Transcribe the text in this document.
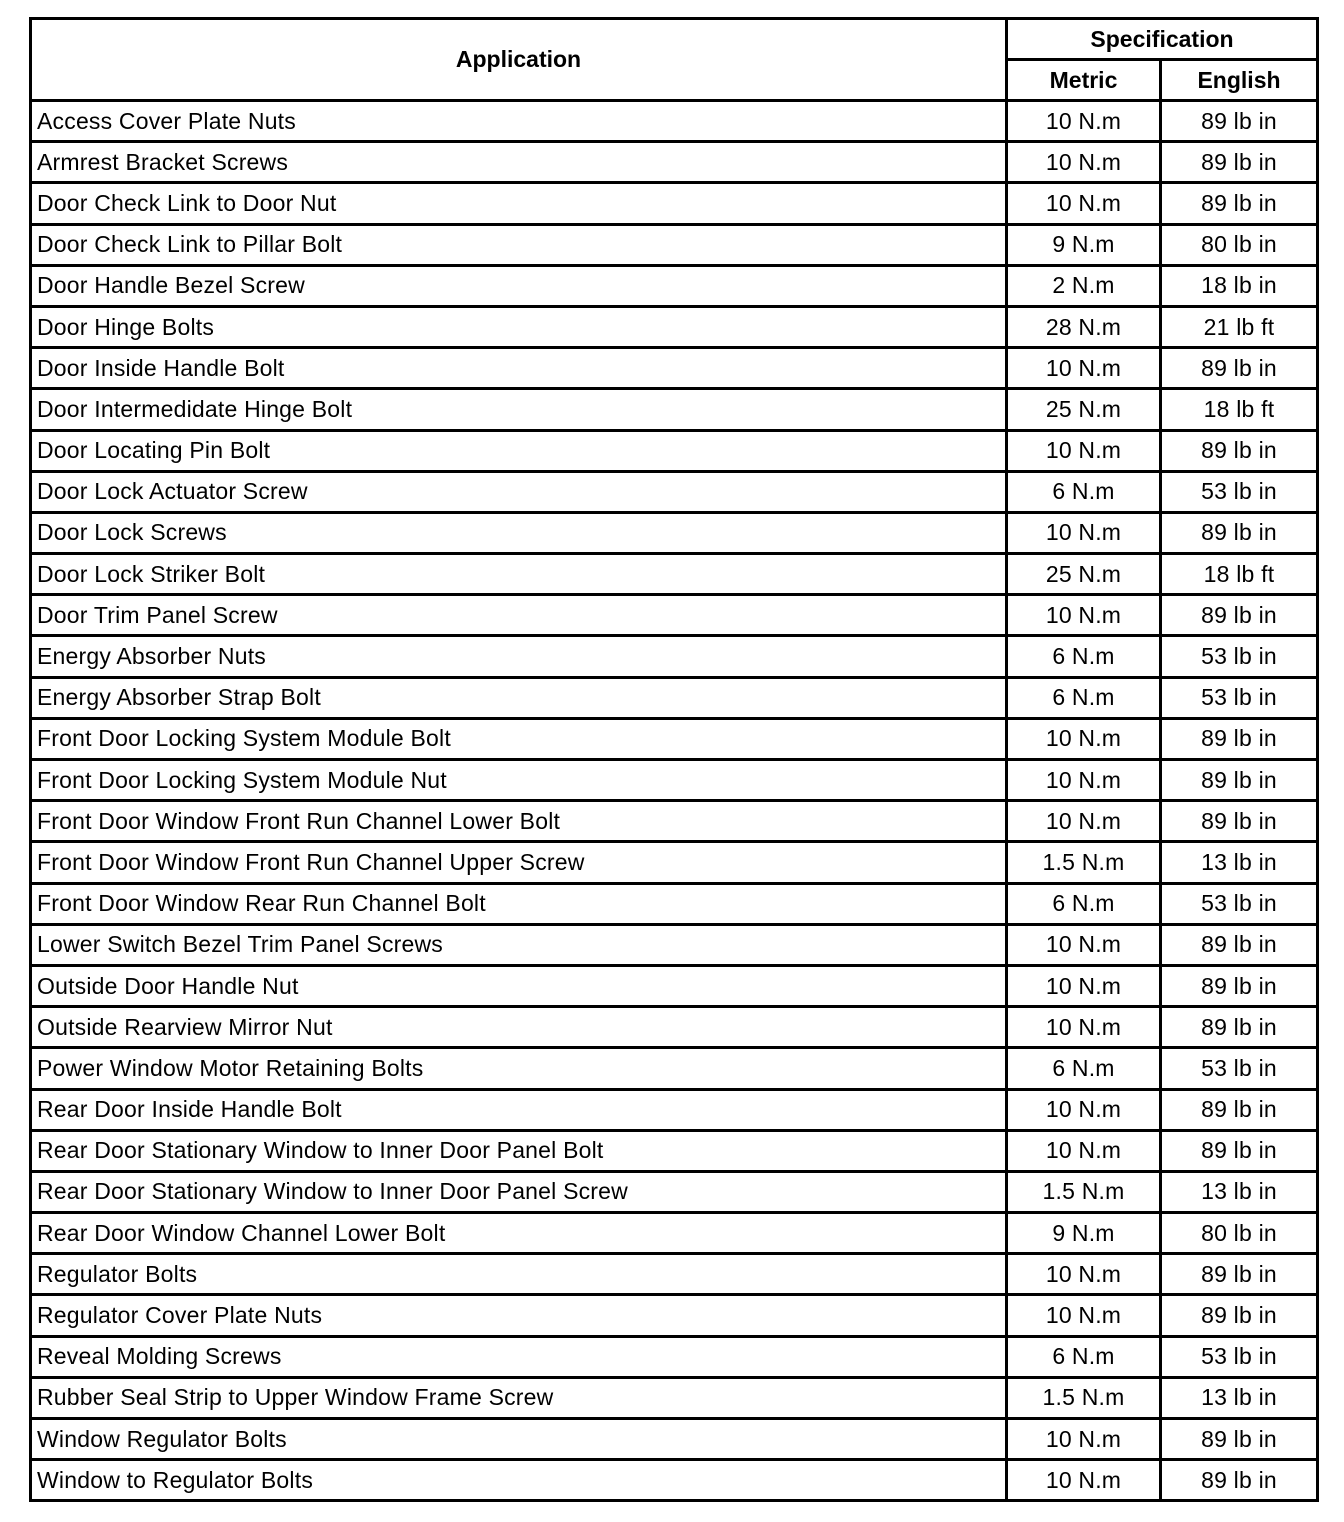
Application	Specification	
	Metric	English
Access Cover Plate Nuts	10 N.m	89 lb in
Armrest Bracket Screws	10 N.m	89 lb in
Door Check Link to Door Nut	10 N.m	89 lb in
Door Check Link to Pillar Bolt	9 N.m	80 lb in
Door Handle Bezel Screw	2 N.m	18 lb in
Door Hinge Bolts	28 N.m	21 lb ft
Door Inside Handle Bolt	10 N.m	89 lb in
Door Intermedidate Hinge Bolt	25 N.m	18 lb ft
Door Locating Pin Bolt	10 N.m	89 lb in
Door Lock Actuator Screw	6 N.m	53 lb in
Door Lock Screws	10 N.m	89 lb in
Door Lock Striker Bolt	25 N.m	18 lb ft
Door Trim Panel Screw	10 N.m	89 lb in
Energy Absorber Nuts	6 N.m	53 lb in
Energy Absorber Strap Bolt	6 N.m	53 lb in
Front Door Locking System Module Bolt	10 N.m	89 lb in
Front Door Locking System Module Nut	10 N.m	89 lb in
Front Door Window Front Run Channel Lower Bolt	10 N.m	89 lb in
Front Door Window Front Run Channel Upper Screw	1.5 N.m	13 lb in
Front Door Window Rear Run Channel Bolt	6 N.m	53 lb in
Lower Switch Bezel Trim Panel Screws	10 N.m	89 lb in
Outside Door Handle Nut	10 N.m	89 lb in
Outside Rearview Mirror Nut	10 N.m	89 lb in
Power Window Motor Retaining Bolts	6 N.m	53 lb in
Rear Door Inside Handle Bolt	10 N.m	89 lb in
Rear Door Stationary Window to Inner Door Panel Bolt	10 N.m	89 lb in
Rear Door Stationary Window to Inner Door Panel Screw	1.5 N.m	13 lb in
Rear Door Window Channel Lower Bolt	9 N.m	80 lb in
Regulator Bolts	10 N.m	89 lb in
Regulator Cover Plate Nuts	10 N.m	89 lb in
Reveal Molding Screws	6 N.m	53 lb in
Rubber Seal Strip to Upper Window Frame Screw	1.5 N.m	13 lb in
Window Regulator Bolts	10 N.m	89 lb in
Window to Regulator Bolts	10 N.m	89 lb in
